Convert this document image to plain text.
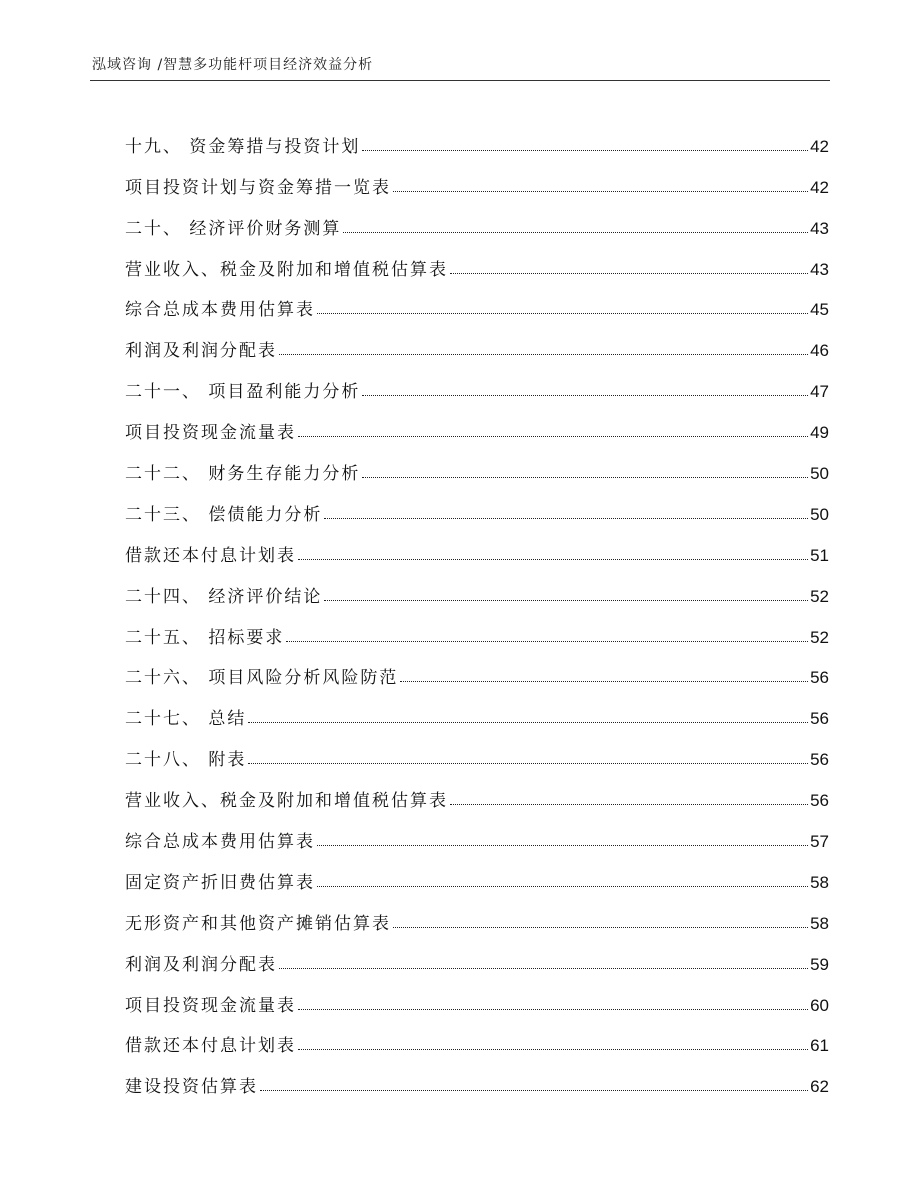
泓域咨询 /智慧多功能杆项目经济效益分析
十九、 资金筹措与投资计划	42
项目投资计划与资金筹措一览表	42
二十、 经济评价财务测算	43
营业收入、税金及附加和增值税估算表	43
综合总成本费用估算表	45
利润及利润分配表	46
二十一、 项目盈利能力分析	47
项目投资现金流量表	49
二十二、 财务生存能力分析	50
二十三、 偿债能力分析	50
借款还本付息计划表	51
二十四、 经济评价结论	52
二十五、 招标要求	52
二十六、 项目风险分析风险防范	56
二十七、 总结	56
二十八、 附表	56
营业收入、税金及附加和增值税估算表	56
综合总成本费用估算表	57
固定资产折旧费估算表	58
无形资产和其他资产摊销估算表	58
利润及利润分配表	59
项目投资现金流量表	60
借款还本付息计划表	61
建设投资估算表	62
